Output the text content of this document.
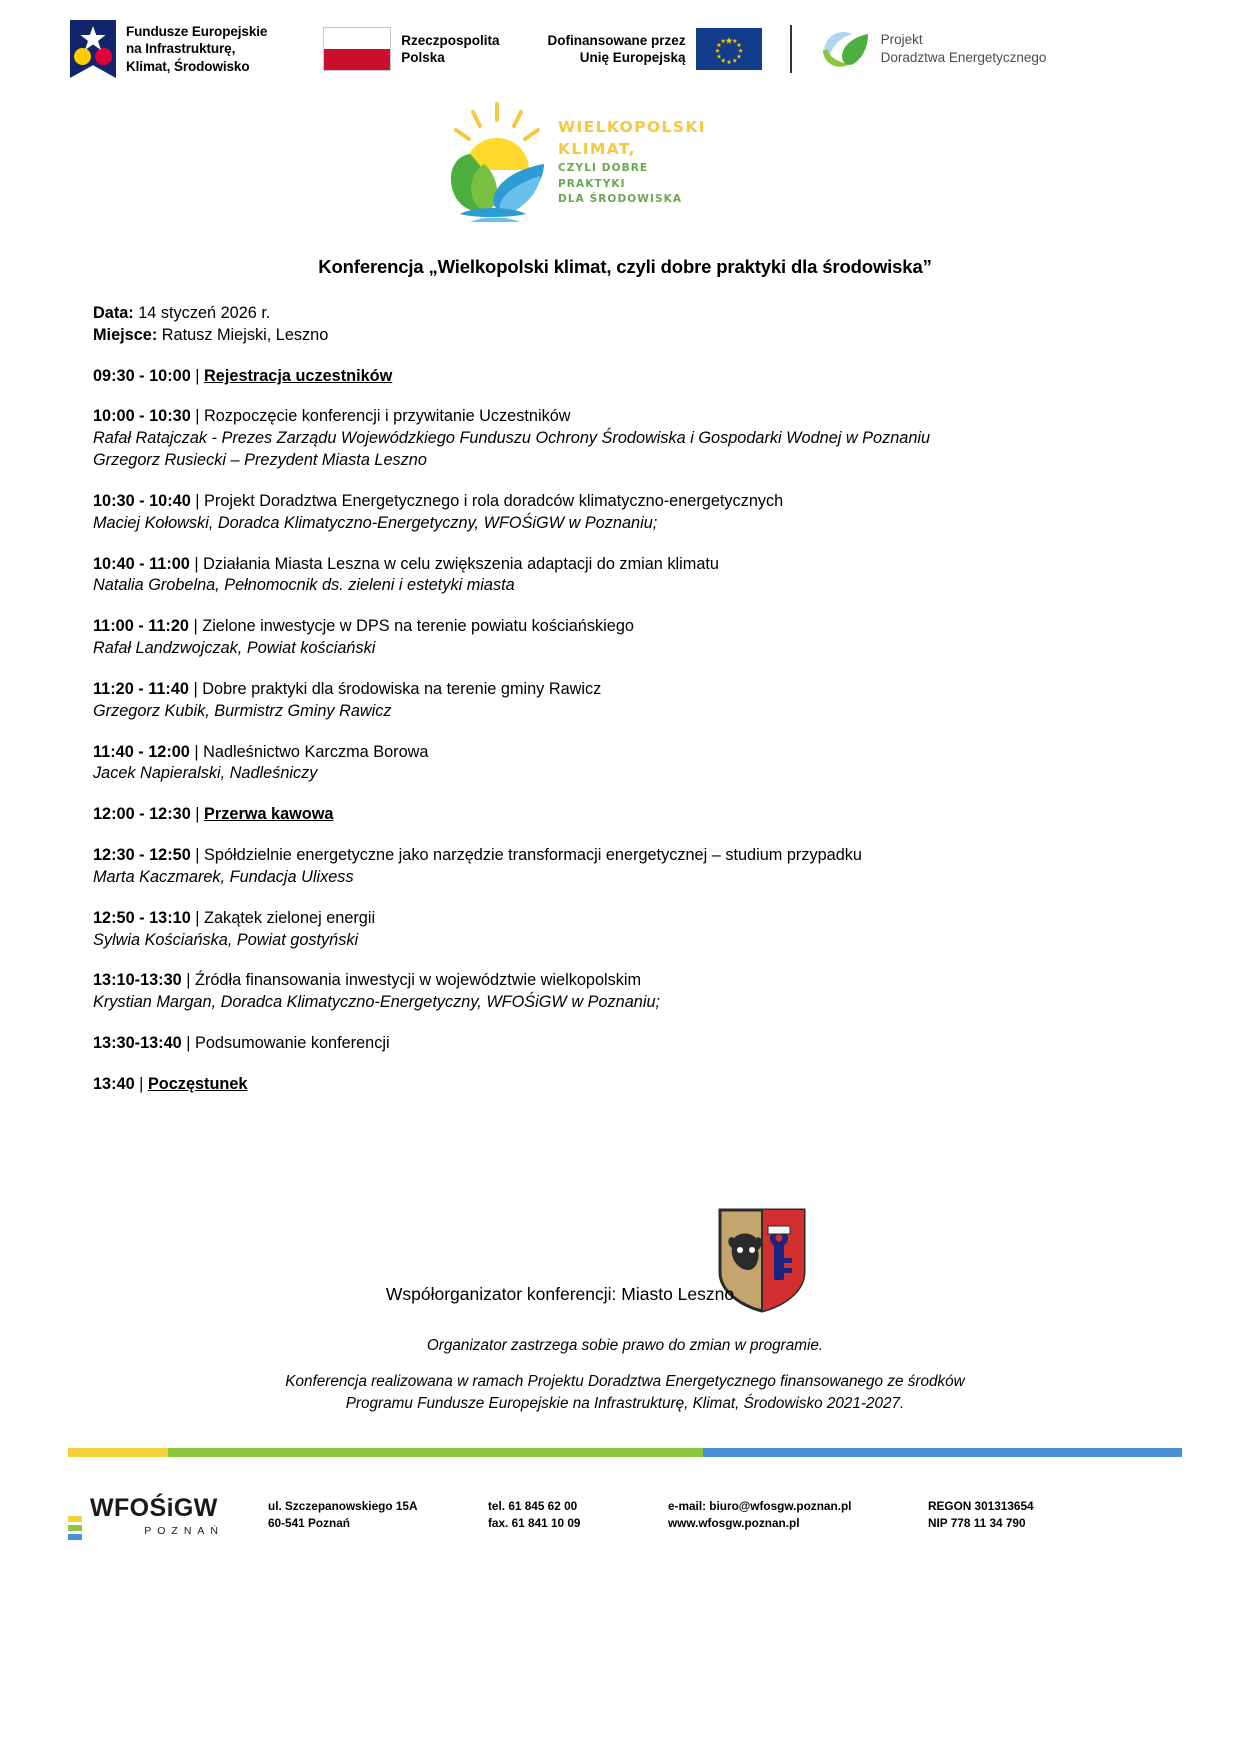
Fundusze Europejskie
na Infrastrukturę,
Klimat, Środowisko
Rzeczpospolita
Polska
Dofinansowane przez
Unię Europejską
Projekt
Doradztwa Energetycznego
WIELKOPOLSKI
KLIMAT,
CZYLI DOBRE PRAKTYKI
DLA ŚRODOWISKA
Konferencja „Wielkopolski klimat, czyli dobre praktyki dla środowiska”
Data: 14 styczeń 2026 r.
Miejsce: Ratusz Miejski, Leszno
09:30 - 10:00 | Rejestracja uczestników
10:00 - 10:30 | Rozpoczęcie konferencji i przywitanie Uczestników
Rafał Ratajczak - Prezes Zarządu Wojewódzkiego Funduszu Ochrony Środowiska i Gospodarki Wodnej w Poznaniu
Grzegorz Rusiecki – Prezydent Miasta Leszno
10:30 - 10:40 | Projekt Doradztwa Energetycznego i rola doradców klimatyczno-energetycznych
Maciej Kołowski, Doradca Klimatyczno-Energetyczny, WFOŚiGW w Poznaniu;
10:40 - 11:00 | Działania Miasta Leszna w celu zwiększenia adaptacji do zmian klimatu
Natalia Grobelna, Pełnomocnik ds. zieleni i estetyki miasta
11:00 - 11:20 | Zielone inwestycje w DPS na terenie powiatu kościańskiego
Rafał Landzwojczak, Powiat kościański
11:20 - 11:40 | Dobre praktyki dla środowiska na terenie gminy Rawicz
Grzegorz Kubik, Burmistrz Gminy Rawicz
11:40 - 12:00 | Nadleśnictwo Karczma Borowa
Jacek Napieralski, Nadleśniczy
12:00 - 12:30 | Przerwa kawowa
12:30 - 12:50 | Spółdzielnie energetyczne jako narzędzie transformacji energetycznej – studium przypadku
Marta Kaczmarek, Fundacja Ulixess
12:50 - 13:10 | Zakątek zielonej energii
Sylwia Kościańska, Powiat gostyński
13:10-13:30 | Źródła finansowania inwestycji w województwie wielkopolskim
Krystian Margan, Doradca Klimatyczno-Energetyczny, WFOŚiGW w Poznaniu;
13:30-13:40 | Podsumowanie konferencji
13:40 | Poczęstunek
Współorganizator konferencji: Miasto Leszno
Organizator zastrzega sobie prawo do zmian w programie.
Konferencja realizowana w ramach Projektu Doradztwa Energetycznego finansowanego ze środków
Programu Fundusze Europejskie na Infrastrukturę, Klimat, Środowisko 2021-2027.
WFOŚiGW
POZNAŃ
ul. Szczepanowskiego 15A
60-541 Poznań
tel. 61 845 62 00
fax. 61 841 10 09
e-mail: biuro@wfosgw.poznan.pl
www.wfosgw.poznan.pl
REGON 301313654
NIP 778 11 34 790
